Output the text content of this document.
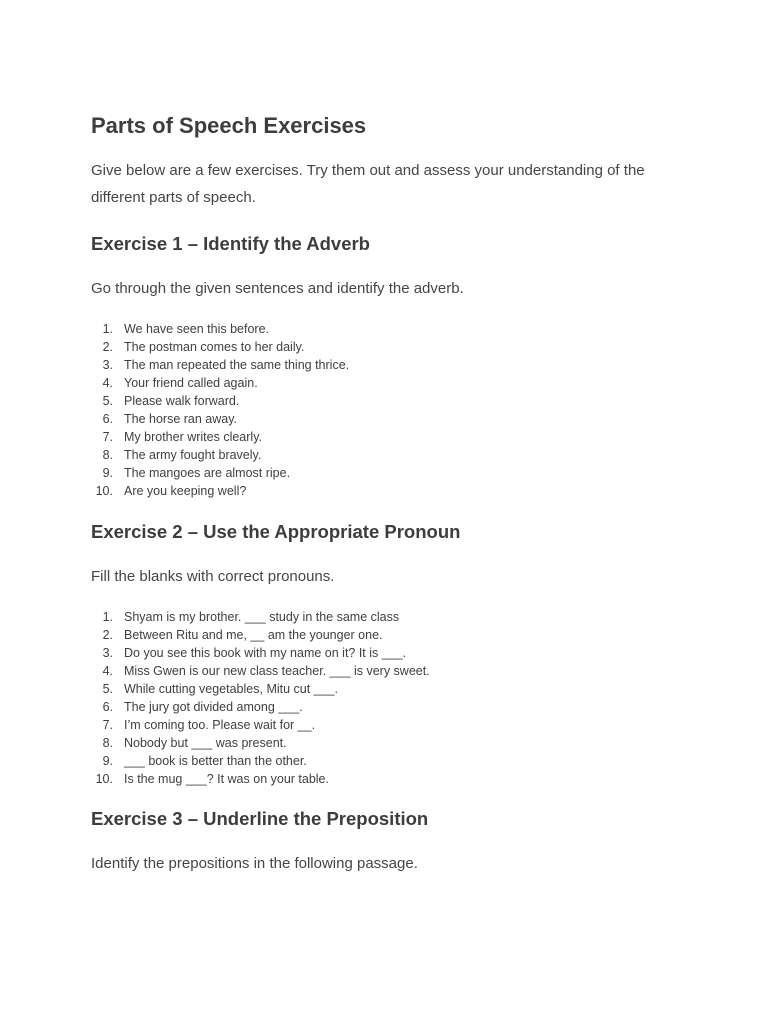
Parts of Speech Exercises

Give below are a few exercises. Try them out and assess your understanding of the different parts of speech.

Exercise 1 – Identify the Adverb

Go through the given sentences and identify the adverb.

1. We have seen this before.
2. The postman comes to her daily.
3. The man repeated the same thing thrice.
4. Your friend called again.
5. Please walk forward.
6. The horse ran away.
7. My brother writes clearly.
8. The army fought bravely.
9. The mangoes are almost ripe.
10. Are you keeping well?
Exercise 2 – Use the Appropriate Pronoun

Fill the blanks with correct pronouns.

1. Shyam is my brother. ___ study in the same class
2. Between Ritu and me, __ am the younger one.
3. Do you see this book with my name on it? It is ___.
4. Miss Gwen is our new class teacher. ___ is very sweet.
5. While cutting vegetables, Mitu cut ___.
6. The jury got divided among ___.
7. I’m coming too. Please wait for __.
8. Nobody but ___ was present.
9. ___ book is better than the other.
10. Is the mug ___? It was on your table.
Exercise 3 – Underline the Preposition

Identify the prepositions in the following passage.
